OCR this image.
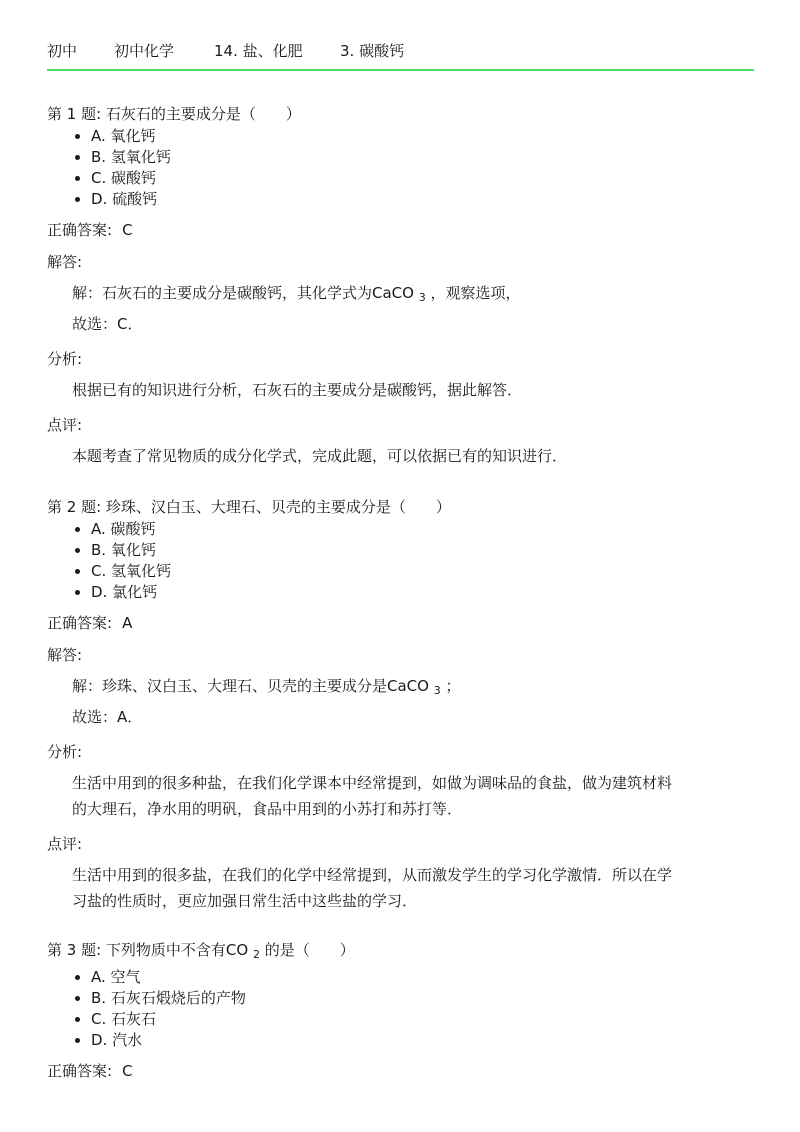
初中	初中化学	14. 盐、化肥	3. 碳酸钙

第 1 题: 石灰石的主要成分是（　　）

• A. 氧化钙
• B. 氢氧化钙
• C. 碳酸钙
• D. 硫酸钙
正确答案: C
解答:

解：石灰石的主要成分是碳酸钙，其化学式为CaCO $_3$ ，观察选项，

故选：C．

分析:

根据已有的知识进行分析，石灰石的主要成分是碳酸钙，据此解答．

点评:

本题考查了常见物质的成分化学式，完成此题，可以依据已有的知识进行．

第 2 题: 珍珠、汉白玉、大理石、贝壳的主要成分是（　　）

• A. 碳酸钙
• B. 氧化钙
• C. 氢氧化钙
• D. 氯化钙
正确答案: A
解答:

解：珍珠、汉白玉、大理石、贝壳的主要成分是CaCO $_3$ ；

故选：A．

分析:

生活中用到的很多种盐，在我们化学课本中经常提到，如做为调味品的食盐，做为建筑材料

的大理石，净水用的明矾，食品中用到的小苏打和苏打等．

点评:

生活中用到的很多盐，在我们的化学中经常提到，从而激发学生的学习化学激情．所以在学

习盐的性质时，更应加强日常生活中这些盐的学习．

第 3 题: 下列物质中不含有CO $_2$ 的是（　　）

• A. 空气
• B. 石灰石煅烧后的产物
• C. 石灰石
• D. 汽水
正确答案: C
